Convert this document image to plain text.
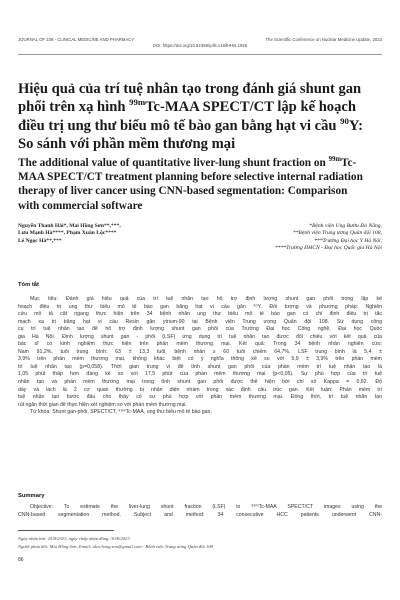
JOURNAL OF 108 - CLINICAL MEDICINE AND PHARMACY	The Scientific Conference on Nuclear Medicine Update, 2023
DOI: https://doi.org/10.52389/ydls.v18ifHHN.1926
Hiệu quả của trí tuệ nhân tạo trong đánh giá shunt gan
phổi trên xạ hình $^{99m}$Tc-MAA SPECT/CT lập kế hoạch
điều trị ung thư biểu mô tế bào gan bằng hạt vi cầu $^{90}$Y:
So sánh với phần mềm thương mại
The additional value of quantitative liver-lung shunt fraction on $^{99m}$Tc-
MAA SPECT/CT treatment planning before selective internal radiation
therapy of liver cancer using CNN-based segmentation: Comparison
with commercial software
Nguyễn Thanh Hải*, Mai Hồng Sơn**,***,
Lưu Mạnh Hà****, Phạm Xuân Lộc****
Lê Ngọc Hà**,***
*Bệnh viện Ung Bướu Đà Nẵng,
**Bệnh viện Trung ương Quân đội 108,
***Trường Đại học Y Hà Nội,
****Trường ĐHCN - Đại học Quốc gia Hà Nội
Tóm tắt
Mục tiêu: Đánh giá hiệu quả của trí tuệ nhân tạo hỗ trợ định lượng shunt gan phổi trong lập kế
hoạch điều trị ung thư biểu mô tế bào gan bằng hạt vi cầu gắn ⁹⁰Y. Đối tượng và phương pháp: Nghiên
cứu mô tả cắt ngang thực hiện trên 34 bệnh nhân ung thư biểu mô tế bào gan có chỉ định điều trị tắc
mạch xạ trị bằng hạt vi cầu Resin gắn ytrium-90 tại Bệnh viện Trung ương Quân đội 108. Sử dụng công
cụ trí tuệ nhân tạo để hỗ trợ định lượng shunt gan phổi của Trường Đại học Công nghệ, Đại học Quốc
gia Hà Nội. Định lượng shunt gan - phổi (LSF) ứng dụng trí tuệ nhân tạo được đối chiếu với kết quả của
bác sĩ có kinh nghiệm thực hiện trên phần mềm thương mại. Kết quả: Trong 34 bệnh nhân nghiên cứu:
Nam 91,2%, tuổi trung bình: 63 ± 13,3 tuổi, bệnh nhân ≥ 60 tuổi chiếm 64,7%. LSF trung bình là 5,4 ±
3,9% trên phần mềm thương mại, không khác biệt có ý nghĩa thống kê so với 5,9 ± 3,9% trên phần mềm
trí tuệ nhân tạo (p=0,058). Thời gian trung vị để tính shunt gan phổi của phần mềm trí tuệ nhân tạo là
1,05 phút thấp hơn đáng kể so với 17,5 phút của phần mềm thương mại (p<0,05). Sự phù hợp của trí tuệ
nhân tạo và phần mềm thương mại trong tính shunt gan phổi được thể hiện bởi chỉ số Kappa = 0,62. Độ
dày và lách là 2 cơ quan thường bị nhận diện nhầm trong xác định cấu trúc gan. Kết luận: Phần mềm trí
tuệ nhân tạo bước đầu cho thấy có sự phù hợp với phần mềm thương mại. Đồng thời, trí tuệ nhân tạo
rút ngắn thời gian để thực hiện xét nghiệm so với phần mềm thương mại.
Từ khóa: Shunt gan-phổi, SPECT/CT, ⁹⁹ᵐTc-MAA, ung thư biểu mô tế bào gan.
Summary
Objective: To estimate the liver-lung shunt fraction (LSF) in ⁹⁹ᵐTc-MAA SPECT/CT images using the
CNN-based segmentation method. Subject and method: 34 consecutive HCC patients underwent CNN-
Ngày nhận bài: 25/8/2023, ngày chấp nhận đăng: 30/8/2023
Người phản hồi: Mai Hồng Sơn, Email: alex.hong.son@gmail.com - Bệnh viện Trung ương Quân đội 108
86
